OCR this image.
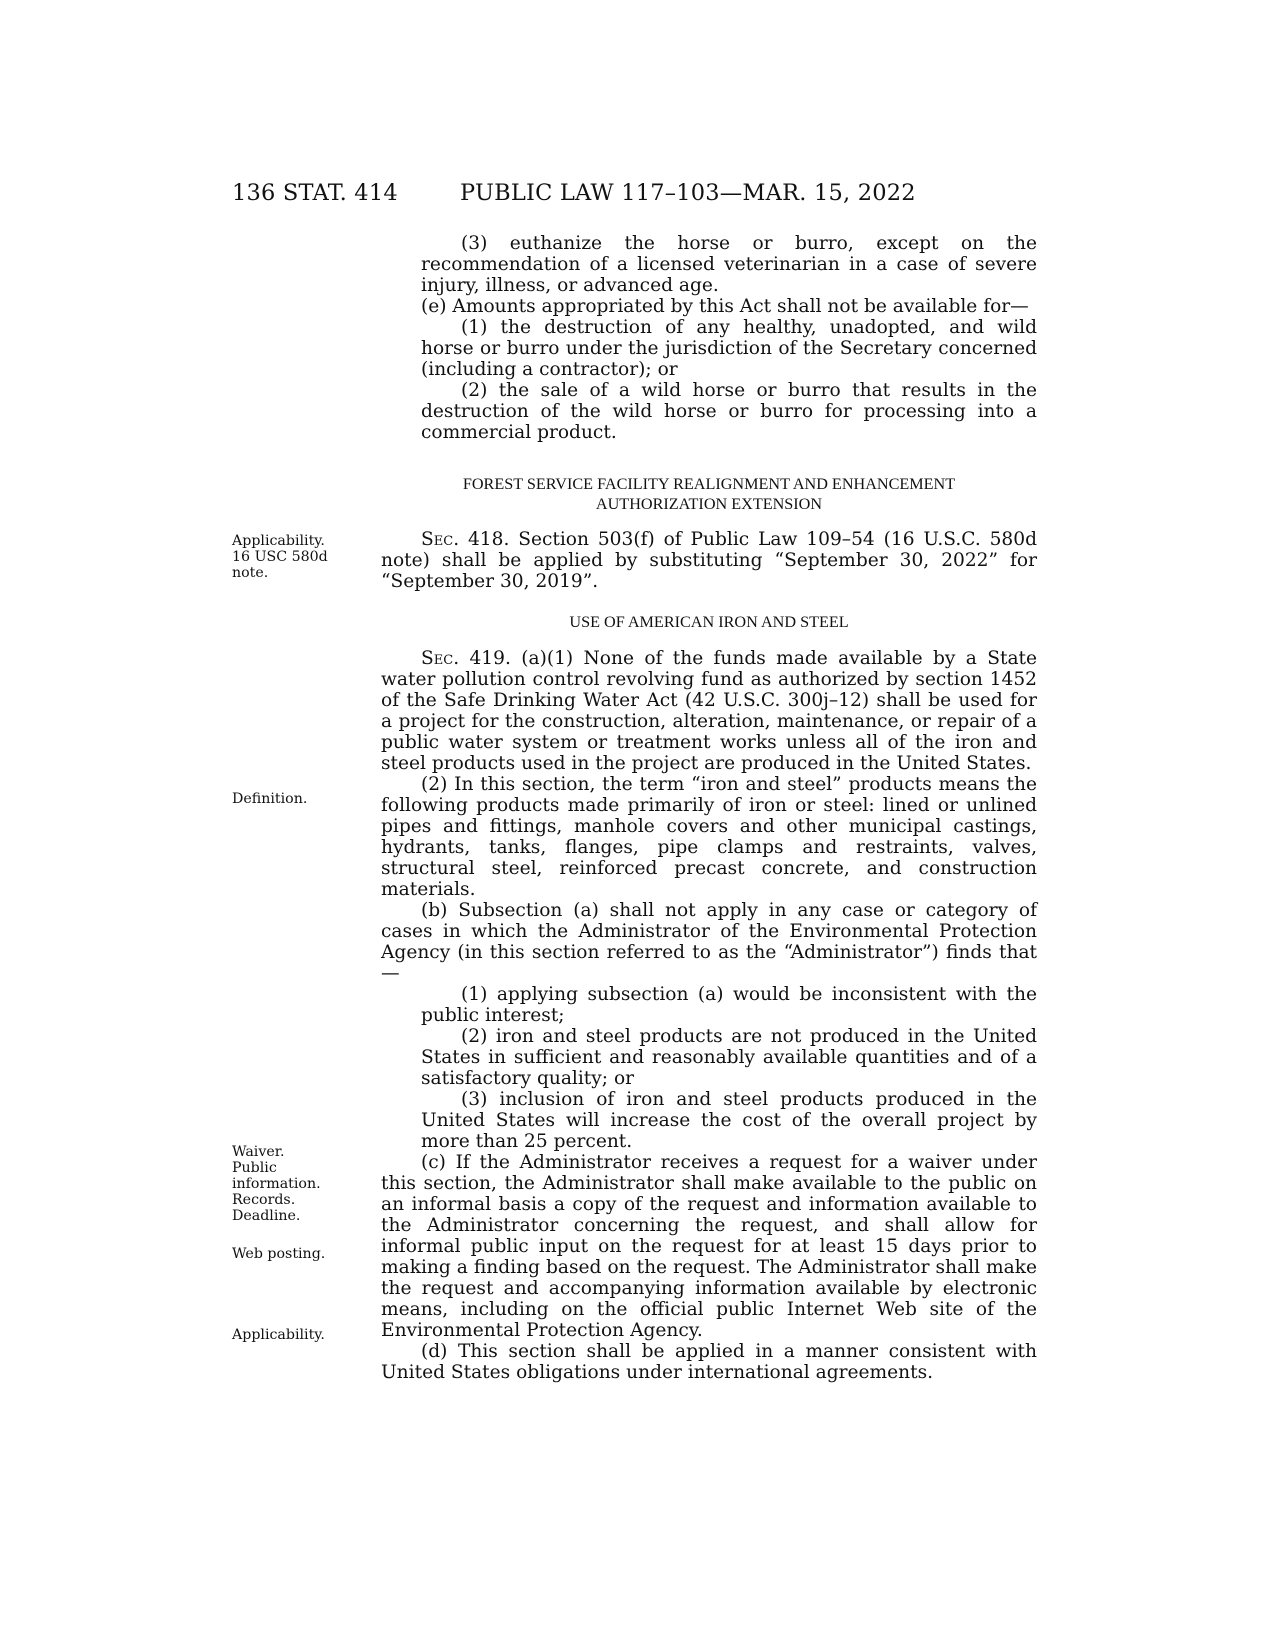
136 STAT. 414	PUBLIC LAW 117–103—MAR. 15, 2022
Applicability.
16 USC 580d
note.
Definition.
Waiver.
Public
information.
Records.
Deadline.
Web posting.
Applicability.

(3) euthanize the horse or burro, except on the recommendation of a licensed veterinarian in a case of severe injury, illness, or advanced age.

(e) Amounts appropriated by this Act shall not be available for—

(1) the destruction of any healthy, unadopted, and wild horse or burro under the jurisdiction of the Secretary concerned (including a contractor); or

(2) the sale of a wild horse or burro that results in the destruction of the wild horse or burro for processing into a commercial product.

FOREST SERVICE FACILITY REALIGNMENT AND ENHANCEMENT
AUTHORIZATION EXTENSION

Sec. 418. Section 503(f) of Public Law 109–54 (16 U.S.C. 580d note) shall be applied by substituting “September 30, 2022” for “September 30, 2019”.

USE OF AMERICAN IRON AND STEEL

Sec. 419. (a)(1) None of the funds made available by a State water pollution control revolving fund as authorized by section 1452 of the Safe Drinking Water Act (42 U.S.C. 300j–12) shall be used for a project for the construction, alteration, maintenance, or repair of a public water system or treatment works unless all of the iron and steel products used in the project are produced in the United States.

(2) In this section, the term “iron and steel” products means the following products made primarily of iron or steel: lined or unlined pipes and fittings, manhole covers and other municipal castings, hydrants, tanks, flanges, pipe clamps and restraints, valves, structural steel, reinforced precast concrete, and construction materials.

(b) Subsection (a) shall not apply in any case or category of cases in which the Administrator of the Environmental Protection Agency (in this section referred to as the “Administrator”) finds that—

(1) applying subsection (a) would be inconsistent with the public interest;

(2) iron and steel products are not produced in the United States in sufficient and reasonably available quantities and of a satisfactory quality; or

(3) inclusion of iron and steel products produced in the United States will increase the cost of the overall project by more than 25 percent.

(c) If the Administrator receives a request for a waiver under this section, the Administrator shall make available to the public on an informal basis a copy of the request and information available to the Administrator concerning the request, and shall allow for informal public input on the request for at least 15 days prior to making a finding based on the request. The Administrator shall make the request and accompanying information available by electronic means, including on the official public Internet Web site of the Environmental Protection Agency.

(d) This section shall be applied in a manner consistent with United States obligations under international agreements.
